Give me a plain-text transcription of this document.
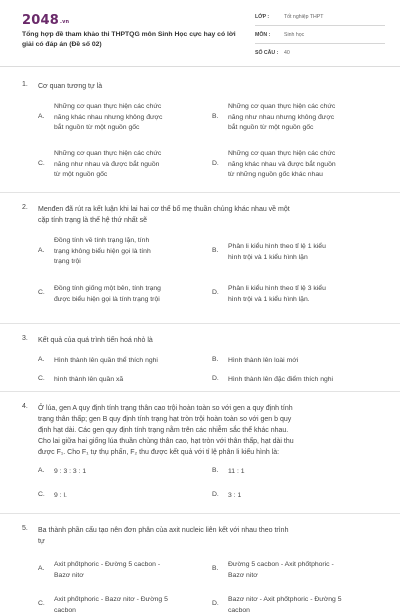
2048.vn
Tổng hợp đề tham khảo thi THPTQG môn Sinh Học cực hay có lời giải có đáp án (Đề số 02)
LỚP :	Tốt nghiệp THPT
MÔN :	Sinh học
SỐ CÂU : 40
1. Cơ quan tương tự là
A.
Những cơ quan thực hiện các chức
năng khác nhau nhưng không được
bắt nguồn từ một nguồn gốc
B.
Những cơ quan thực hiện các chức
năng như nhau nhưng không được
bắt nguồn từ một nguồn gốc
C.
Những cơ quan thực hiện các chức
năng như nhau và được bắt nguồn
từ một nguồn gốc
D.
Những cơ quan thực hiện các chức
năng khác nhau và được bắt nguồn
từ những nguồn gốc khác nhau
2. Menđen đã rút ra kết luận khi lai hai cơ thể bố mẹ thuần chủng khác nhau về một
cặp tính trạng là thế hệ thứ nhất sẽ
A.
Đồng tính về tính trạng lặn, tính
trạng không biểu hiện gọi là tính
trạng trội
B.
Phân li kiểu hình theo tỉ lệ 1 kiểu
hình trội và 1 kiểu hình lặn
C.
Đồng tính giống một bên, tính trạng
được biểu hiện gọi là tính trạng trội
D.
Phân li kiểu hình theo tỉ lệ 3 kiểu
hình trội và 1 kiểu hình lặn.
3. Kết quả của quá trình tiến hoá nhỏ là
A. Hình thành lên quần thể thích nghi	B. Hình thành lên loài mới
C. hình thành lên quần xã	D. Hình thành lên đặc điểm thích nghi
4. Ở lúa, gen A quy định tính trạng thân cao trội hoàn toàn so với gen a quy định tính
trạng thân thấp; gen B quy định tính trạng hạt tròn trội hoàn toàn so với gen b quy
định hạt dài. Các gen quy định tính trạng nằm trên các nhiễm sắc thể khác nhau.
Cho lai giữa hai giống lúa thuần chủng thân cao, hạt tròn với thân thấp, hạt dài thu
được F₁. Cho F₁ tự thụ phấn, F₂ thu được kết quả với tỉ lệ phân li kiểu hình là:
A. 9 : 3 : 3 : 1	B. 11 : 1
C. 9 : l.	D. 3 : 1
5. Ba thành phần cấu tạo nên đơn phân của axit nucleic liên kết với nhau theo trình
tự
A.
Axit phốtphoric - Đường 5 cacbon -
Bazơ nitơ
B.
Đường 5 cacbon - Axit phốtphoric -
Bazơ nitơ
C.
Axit phốtphoric - Bazơ nitơ - Đường 5
cacbon
D.
Bazơ nitơ - Axit phốtphoric - Đường 5
cacbon
